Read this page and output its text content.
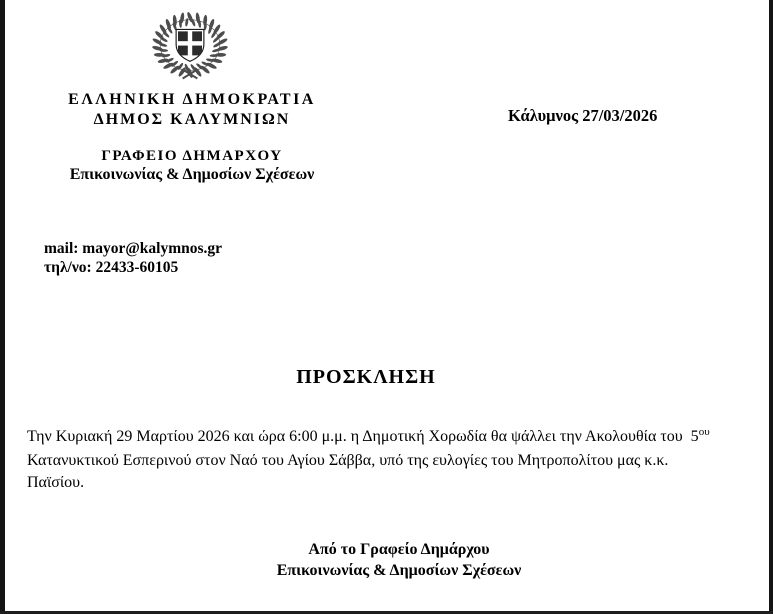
ΕΛΛΗΝΙΚΗ ΔΗΜΟΚΡΑΤΙΑ
ΔΗΜΟΣ ΚΑΛΥΜΝΙΩΝ	Κάλυμνος 27/03/2026
ΓΡΑΦΕΙΟ ΔΗΜΑΡΧΟΥ
Επικοινωνίας & Δημοσίων Σχέσεων
mail: mayor@kalymnos.gr
τηλ/νο: 22433-60105
ΠΡΟΣΚΛΗΣΗ
Την Κυριακή 29 Μαρτίου 2026 και ώρα 6:00 μ.μ. η Δημοτική Χορωδία θα ψάλλει την Ακολουθία του  $5^{o\upsilon}$
Κατανυκτικού Εσπερινού στον Ναό του Αγίου Σάββα, υπό της ευλογίες του Μητροπολίτου μας κ.κ.
Παϊσίου.
Από το Γραφείο Δημάρχου
Επικοινωνίας & Δημοσίων Σχέσεων
